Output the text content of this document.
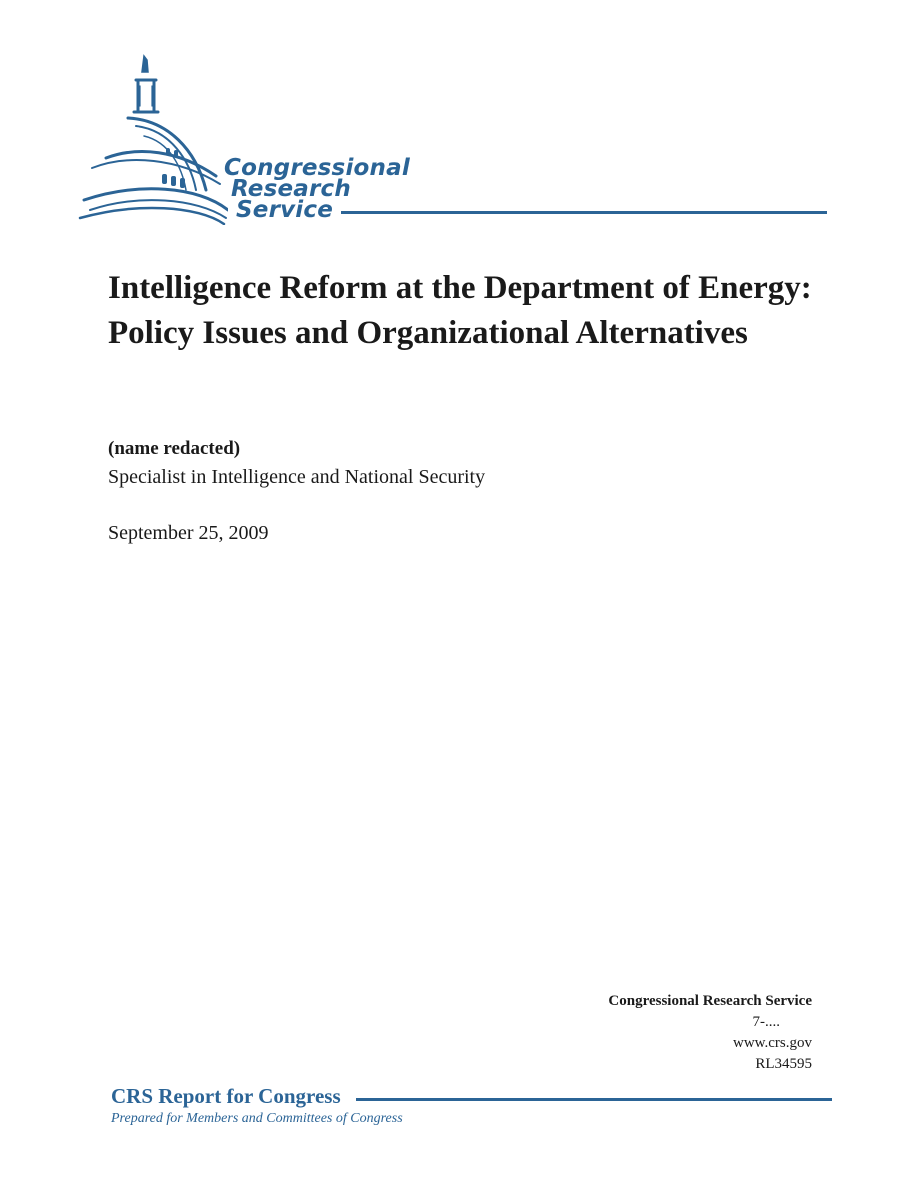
Congressional
Research
Service
Intelligence Reform at the Department of Energy: Policy Issues and Organizational Alternatives
(name redacted)
Specialist in Intelligence and National Security
September 25, 2009
Congressional Research Service
7-....
www.crs.gov
RL34595
CRS Report for Congress
Prepared for Members and Committees of Congress
